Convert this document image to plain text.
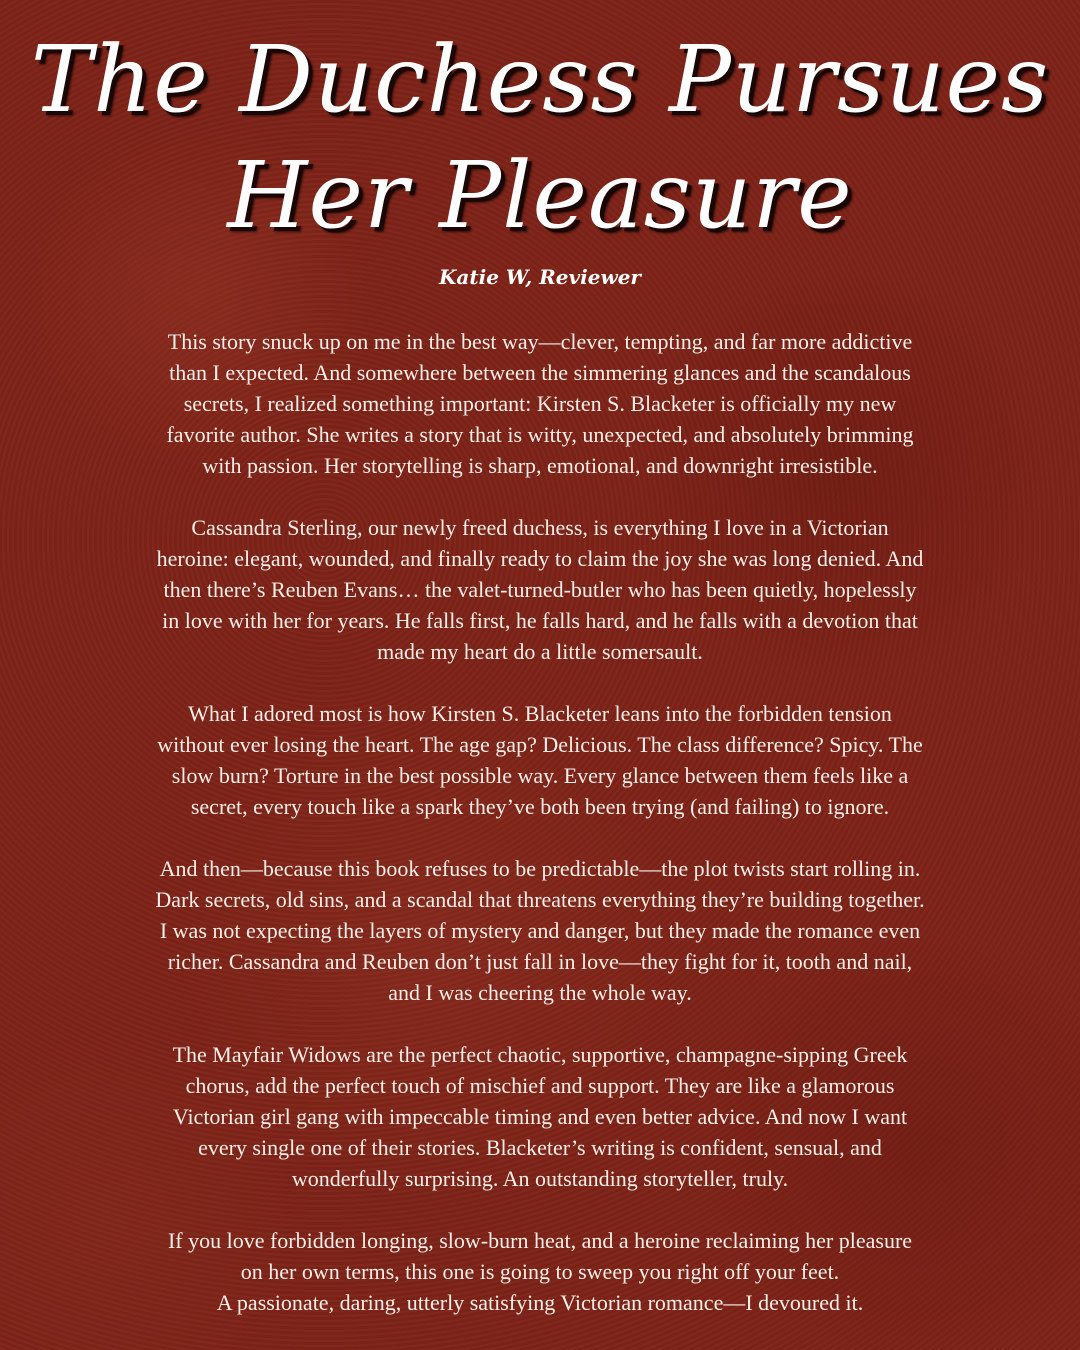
The Duchess Pursues
Her Pleasure
Katie W, Reviewer

This story snuck up on me in the best way—clever, tempting, and far more addictive
than I expected. And somewhere between the simmering glances and the scandalous
secrets, I realized something important: Kirsten S. Blacketer is officially my new
favorite author. She writes a story that is witty, unexpected, and absolutely brimming
with passion. Her storytelling is sharp, emotional, and downright irresistible.

Cassandra Sterling, our newly freed duchess, is everything I love in a Victorian
heroine: elegant, wounded, and finally ready to claim the joy she was long denied. And
then there’s Reuben Evans… the valet-turned-butler who has been quietly, hopelessly
in love with her for years. He falls first, he falls hard, and he falls with a devotion that
made my heart do a little somersault.

What I adored most is how Kirsten S. Blacketer leans into the forbidden tension
without ever losing the heart. The age gap? Delicious. The class difference? Spicy. The
slow burn? Torture in the best possible way. Every glance between them feels like a
secret, every touch like a spark they’ve both been trying (and failing) to ignore.

And then—because this book refuses to be predictable—the plot twists start rolling in.
Dark secrets, old sins, and a scandal that threatens everything they’re building together.
I was not expecting the layers of mystery and danger, but they made the romance even
richer. Cassandra and Reuben don’t just fall in love—they fight for it, tooth and nail,
and I was cheering the whole way.

The Mayfair Widows are the perfect chaotic, supportive, champagne-sipping Greek
chorus, add the perfect touch of mischief and support. They are like a glamorous
Victorian girl gang with impeccable timing and even better advice. And now I want
every single one of their stories. Blacketer’s writing is confident, sensual, and
wonderfully surprising. An outstanding storyteller, truly.

If you love forbidden longing, slow-burn heat, and a heroine reclaiming her pleasure
on her own terms, this one is going to sweep you right off your feet.
A passionate, daring, utterly satisfying Victorian romance—I devoured it.
